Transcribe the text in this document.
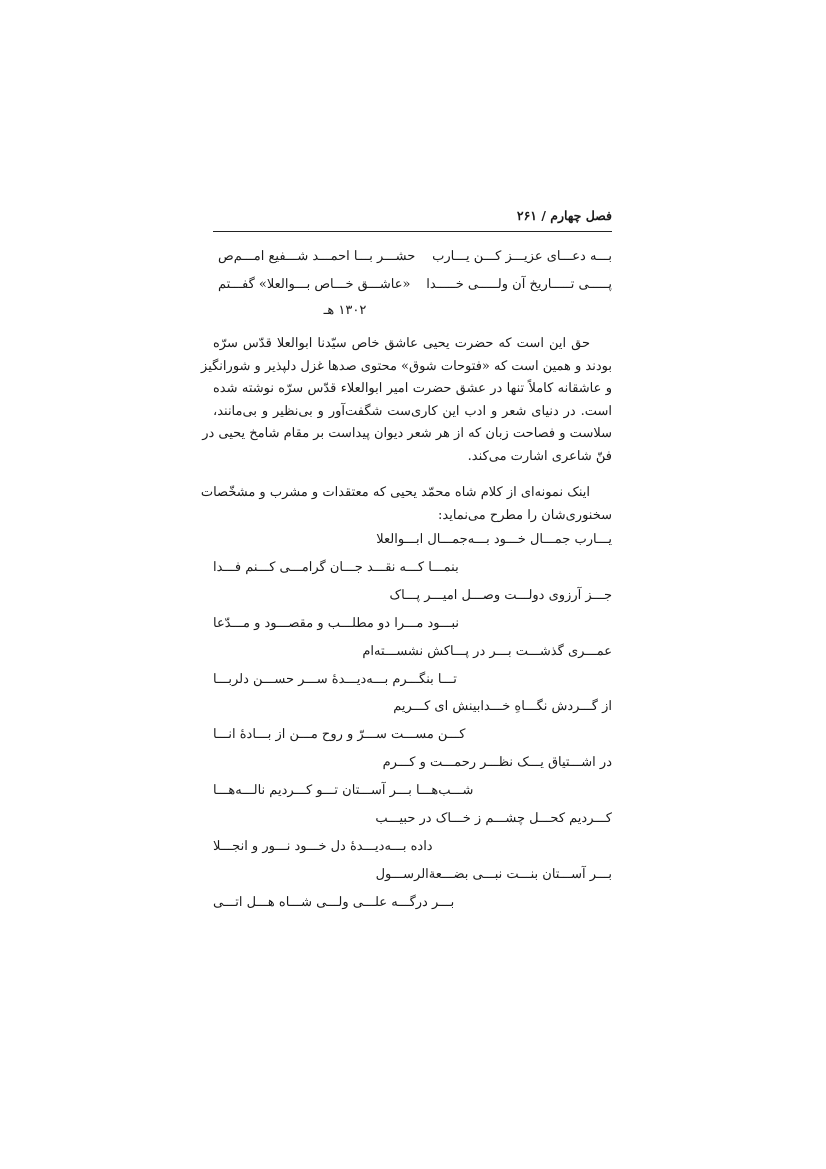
فصل چهارم / ۲۶۱
بـــه دعـــای عزیـــز کـــن یـــارب
حشـــر بـــا احمـــد شـــفیع امـــم‌ص
پـــــی تـــــاریخ آن ولـــــی خـــــدا
«عاشـــق خـــاص بـــوالعلا» گفـــتم
۱۳۰۲ هـ
حق این است که حضرت یحیی عاشق خاص سیّدنا ابوالعلا قدّس سرّه
بودند و همین است که «فتوحات شوق» محتوی صدها غزل دلپذیر و شورانگیز
و عاشقانه کاملاً تنها در عشق حضرت امیر ابوالعلاء قدّس سرّه نوشته شده
است. در دنیای شعر و ادب این کاری‌ست شگفت‌آور و بی‌نظیر و بی‌مانند،
سلاست و فصاحت زبان که از هر شعر دیوان پیداست بر مقام شامخ یحیی در
فنّ شاعری اشارت می‌کند.
اینک نمونه‌ای از کلام شاه محمّد یحیی که معتقدات و مشرب و مشخّصات
سخنوری‌شان را مطرح می‌نماید:
یـــارب جمـــال خـــود بـــه‌جمـــال ابـــوالعلا
بنمـــا کـــه نقـــد جـــان گرامـــی کـــنم فـــدا
جـــز آرزوی دولـــت وصـــل امیـــر پـــاک
نبـــود مـــرا دو مطلـــب و مقصـــود و مـــدّعا
عمـــری گذشـــت بـــر در پـــاکش نشســـته‌ام
تـــا بنگـــرم بـــه‌دیـــدهٔ ســـر حســـن دلربـــا
از گـــردش نگـــاهِ خـــدابینش ای کـــریم
کـــن مســـت ســـرّ و روح مـــن از بـــادهٔ انـــا
در اشـــتیاق یـــک نظـــر رحمـــت و کـــرم
شـــب‌هـــا بـــر آســـتان تـــو کـــردیم نالـــه‌هـــا
کـــردیم کحـــل چشـــم ز خـــاک در حبیـــب
داده بـــه‌دیـــدهٔ دل خـــود نـــور و انجـــلا
بـــر آســـتان بنـــت نبـــی بضـــعةالرســـول
بـــر درگـــه علـــی ولـــی شـــاه هـــل اتـــی
